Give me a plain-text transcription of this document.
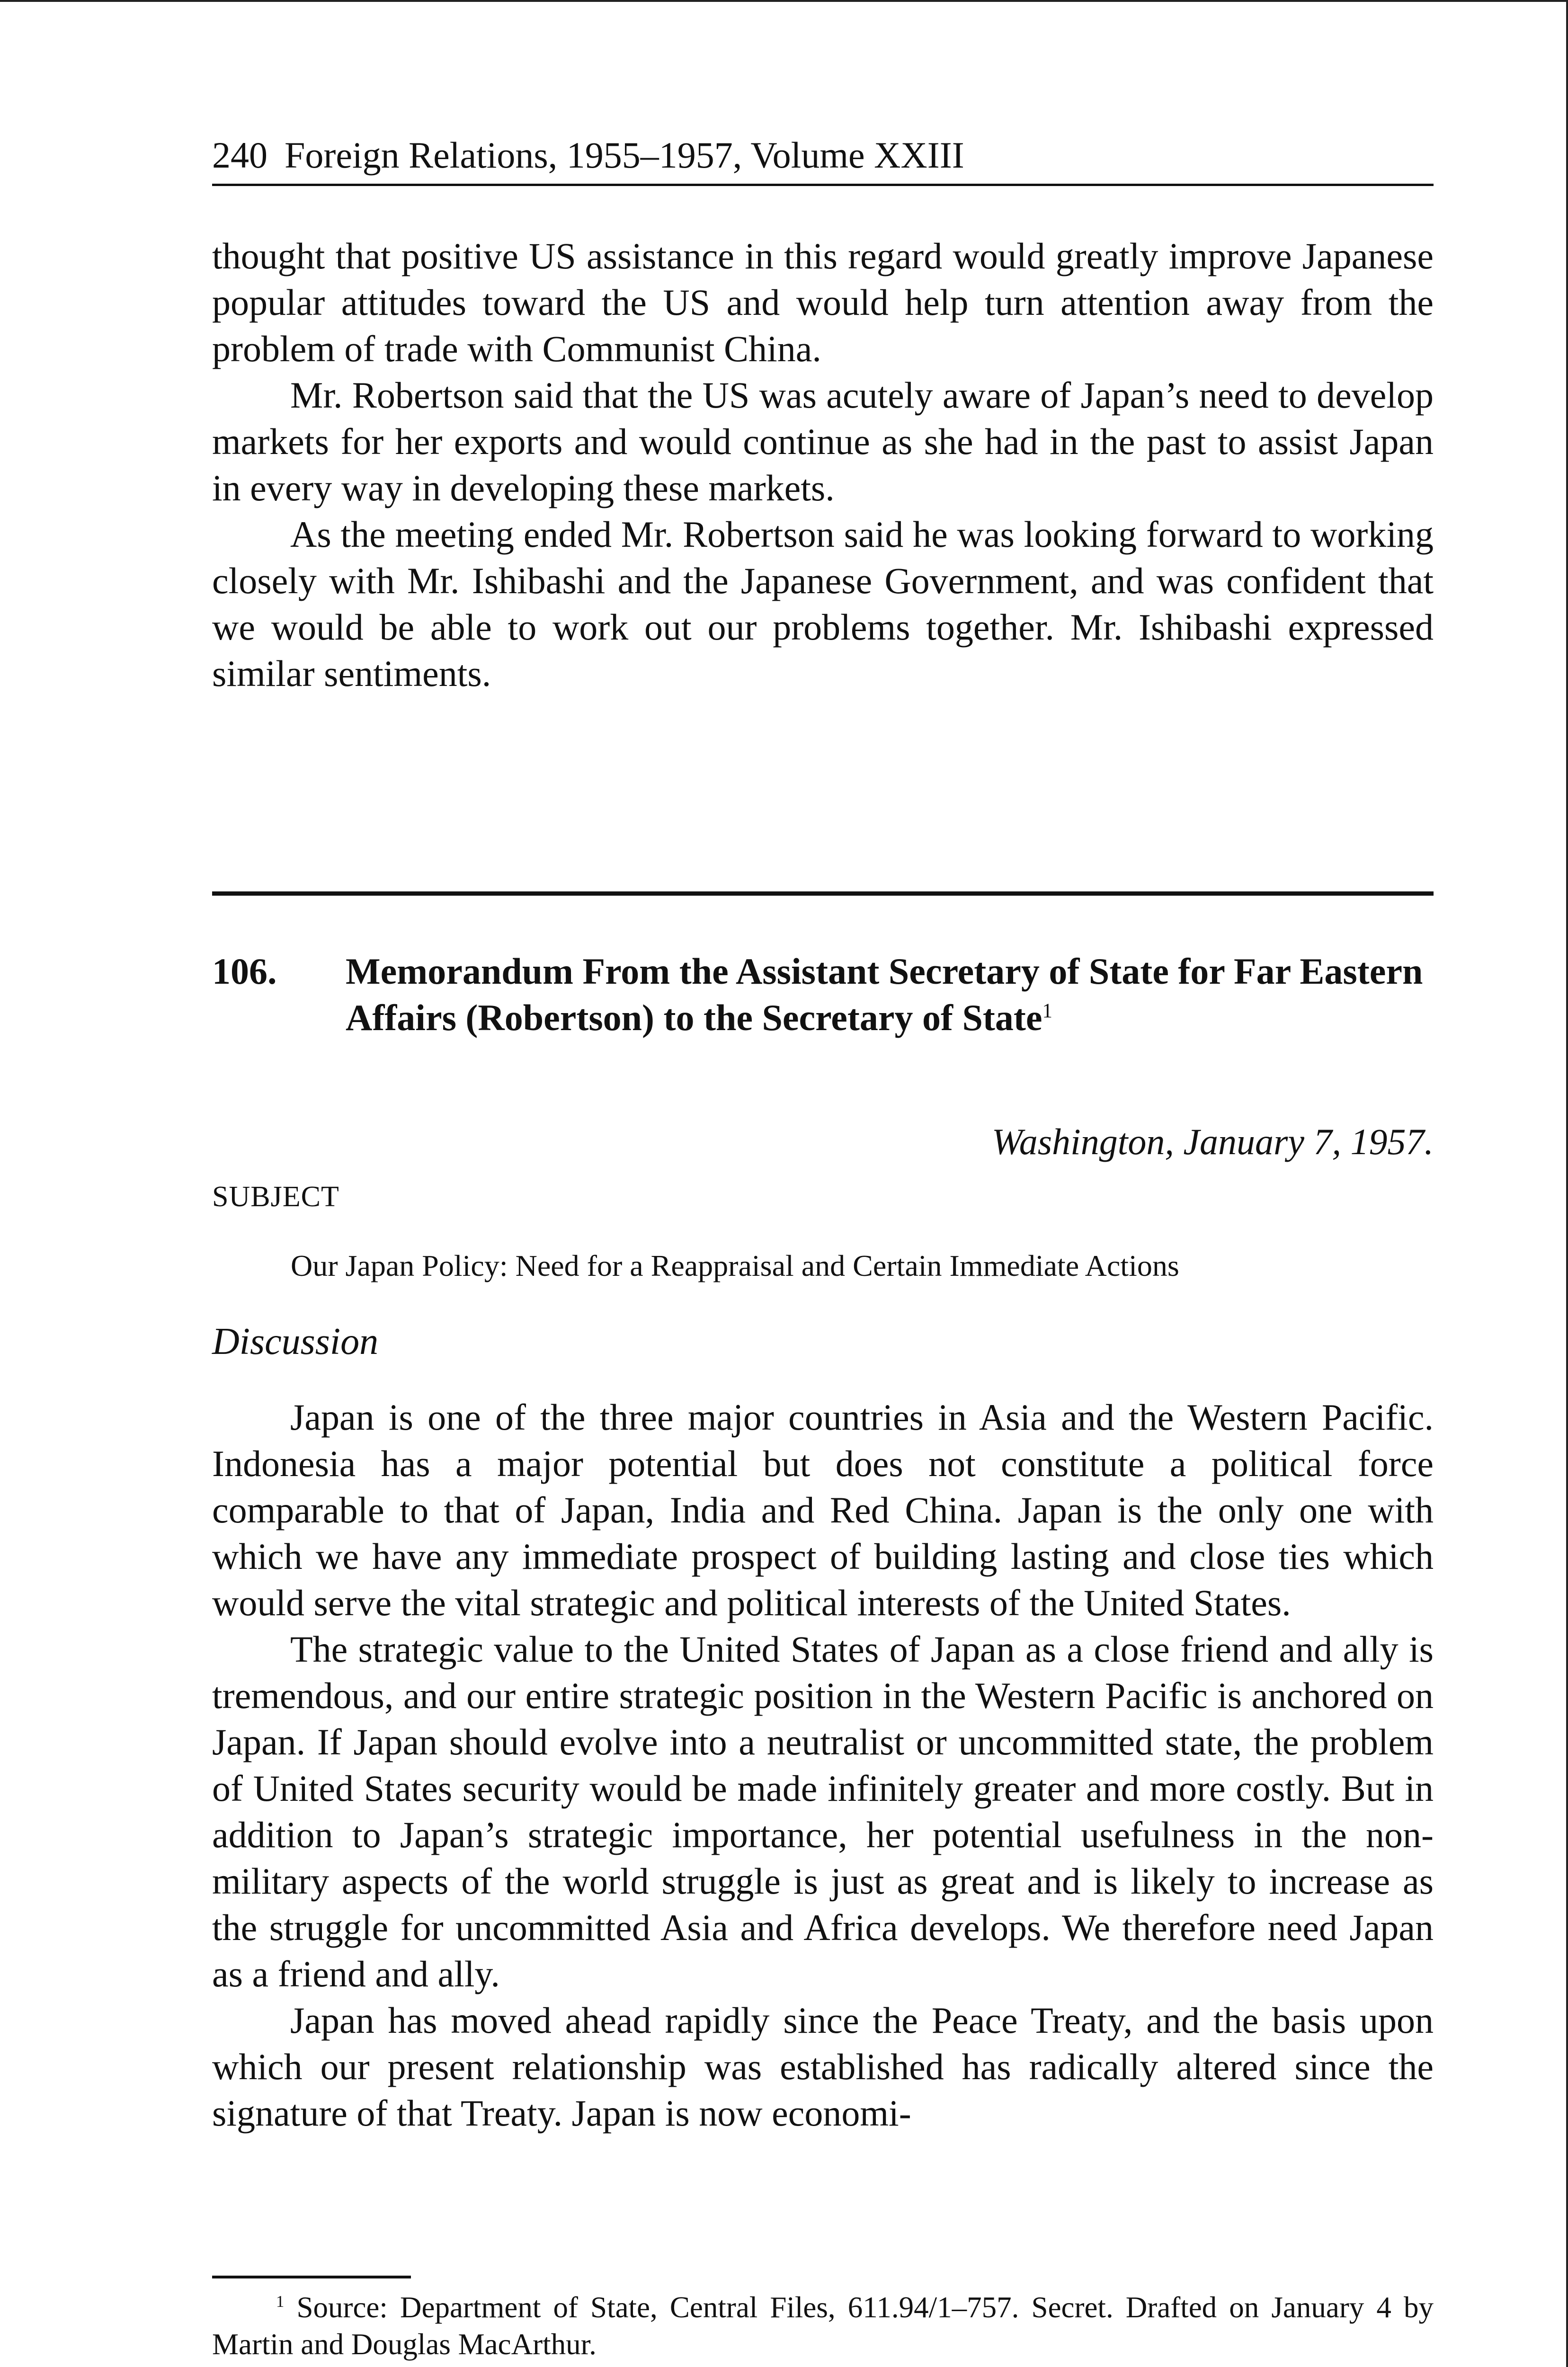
240 Foreign Relations, 1955–1957, Volume XXIII

thought that positive US assistance in this regard would greatly improve Japanese popular attitudes toward the US and would help turn attention away from the problem of trade with Communist China.

Mr. Robertson said that the US was acutely aware of Japan’s need to develop markets for her exports and would continue as she had in the past to assist Japan in every way in developing these markets.

As the meeting ended Mr. Robertson said he was looking forward to working closely with Mr. Ishibashi and the Japanese Government, and was confident that we would be able to work out our problems together. Mr. Ishibashi expressed similar sentiments.

106. Memorandum From the Assistant Secretary of State for Far Eastern Affairs (Robertson) to the Secretary of State$^1$
Washington, January 7, 1957.
SUBJECT
Our Japan Policy: Need for a Reappraisal and Certain Immediate Actions
Discussion

Japan is one of the three major countries in Asia and the Western Pacific. Indonesia has a major potential but does not constitute a political force comparable to that of Japan, India and Red China. Japan is the only one with which we have any immediate prospect of building lasting and close ties which would serve the vital strategic and political interests of the United States.

The strategic value to the United States of Japan as a close friend and ally is tremendous, and our entire strategic position in the Western Pacific is anchored on Japan. If Japan should evolve into a neutralist or uncommitted state, the problem of United States security would be made infinitely greater and more costly. But in addition to Japan’s strategic importance, her potential usefulness in the non-military aspects of the world struggle is just as great and is likely to increase as the struggle for uncommitted Asia and Africa develops. We therefore need Japan as a friend and ally.

Japan has moved ahead rapidly since the Peace Treaty, and the basis upon which our present relationship was established has radically altered since the signature of that Treaty. Japan is now economi-

$^1$ Source: Department of State, Central Files, 611.94/1–757. Secret. Drafted on January 4 by Martin and Douglas MacArthur.
